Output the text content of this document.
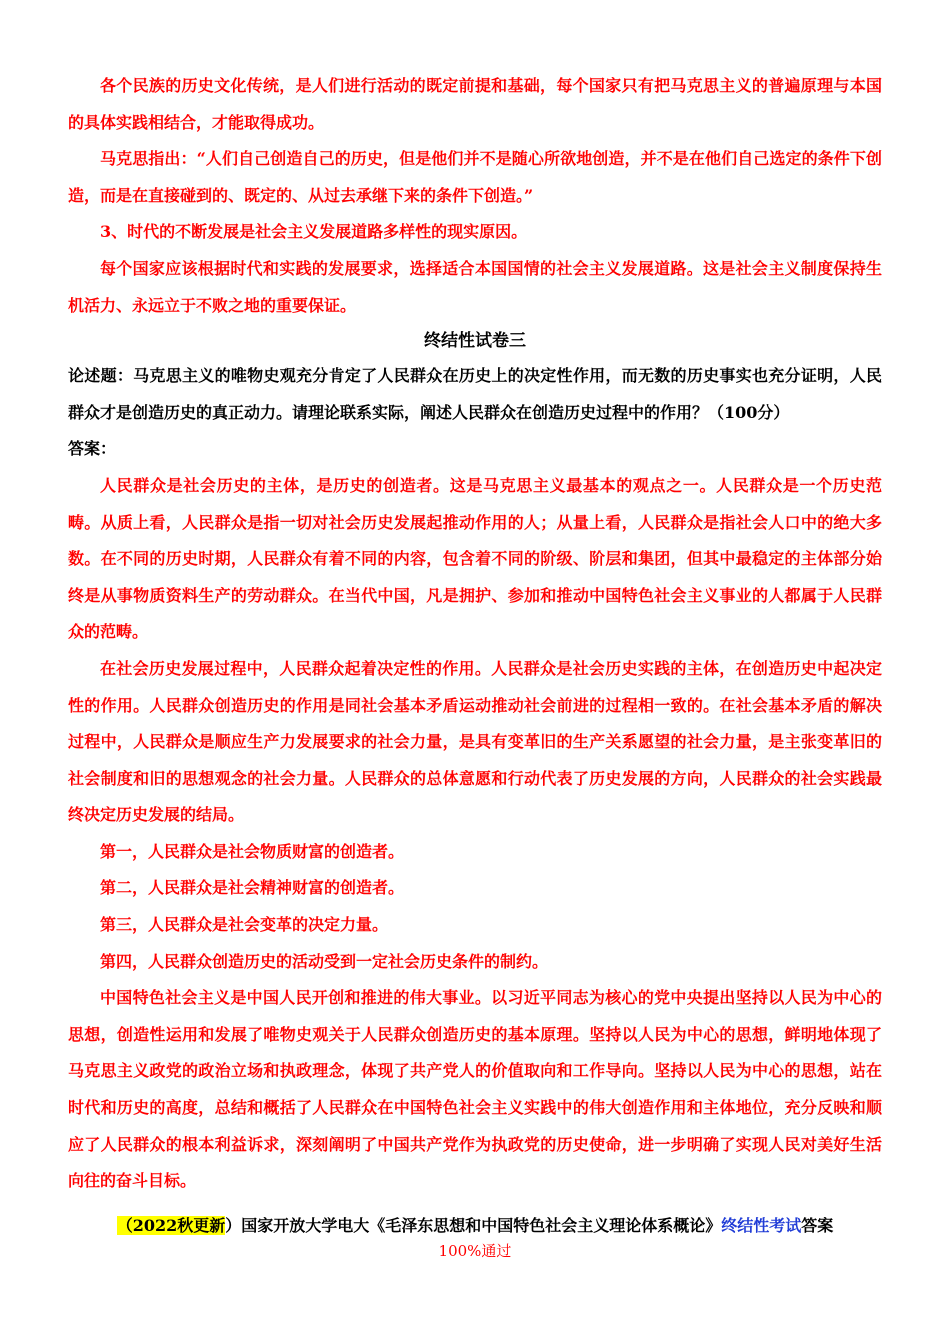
各个民族的历史文化传统，是人们进行活动的既定前提和基础，每个国家只有把马克思主义的普遍原理与本国的具体实践相结合，才能取得成功。

马克思指出：“人们自己创造自己的历史，但是他们并不是随心所欲地创造，并不是在他们自己选定的条件下创造，而是在直接碰到的、既定的、从过去承继下来的条件下创造。”

3、时代的不断发展是社会主义发展道路多样性的现实原因。

每个国家应该根据时代和实践的发展要求，选择适合本国国情的社会主义发展道路。这是社会主义制度保持生机活力、永远立于不败之地的重要保证。

终结性试卷三

论述题：马克思主义的唯物史观充分肯定了人民群众在历史上的决定性作用，而无数的历史事实也充分证明，人民群众才是创造历史的真正动力。请理论联系实际，阐述人民群众在创造历史过程中的作用？（100分）

答案：

人民群众是社会历史的主体，是历史的创造者。这是马克思主义最基本的观点之一。人民群众是一个历史范畴。从质上看，人民群众是指一切对社会历史发展起推动作用的人；从量上看，人民群众是指社会人口中的绝大多数。在不同的历史时期，人民群众有着不同的内容，包含着不同的阶级、阶层和集团，但其中最稳定的主体部分始终是从事物质资料生产的劳动群众。在当代中国，凡是拥护、参加和推动中国特色社会主义事业的人都属于人民群众的范畴。

在社会历史发展过程中，人民群众起着决定性的作用。人民群众是社会历史实践的主体，在创造历史中起决定性的作用。人民群众创造历史的作用是同社会基本矛盾运动推动社会前进的过程相一致的。在社会基本矛盾的解决过程中，人民群众是顺应生产力发展要求的社会力量，是具有变革旧的生产关系愿望的社会力量，是主张变革旧的社会制度和旧的思想观念的社会力量。人民群众的总体意愿和行动代表了历史发展的方向，人民群众的社会实践最终决定历史发展的结局。

第一，人民群众是社会物质财富的创造者。

第二，人民群众是社会精神财富的创造者。

第三，人民群众是社会变革的决定力量。

第四，人民群众创造历史的活动受到一定社会历史条件的制约。

中国特色社会主义是中国人民开创和推进的伟大事业。以习近平同志为核心的党中央提出坚持以人民为中心的思想，创造性运用和发展了唯物史观关于人民群众创造历史的基本原理。坚持以人民为中心的思想，鲜明地体现了马克思主义政党的政治立场和执政理念，体现了共产党人的价值取向和工作导向。坚持以人民为中心的思想，站在时代和历史的高度，总结和概括了人民群众在中国特色社会主义实践中的伟大创造作用和主体地位，充分反映和顺应了人民群众的根本利益诉求，深刻阐明了中国共产党作为执政党的历史使命，进一步明确了实现人民对美好生活向往的奋斗目标。

（2022秋更新）国家开放大学电大《毛泽东思想和中国特色社会主义理论体系概论》终结性考试答案
100%通过
